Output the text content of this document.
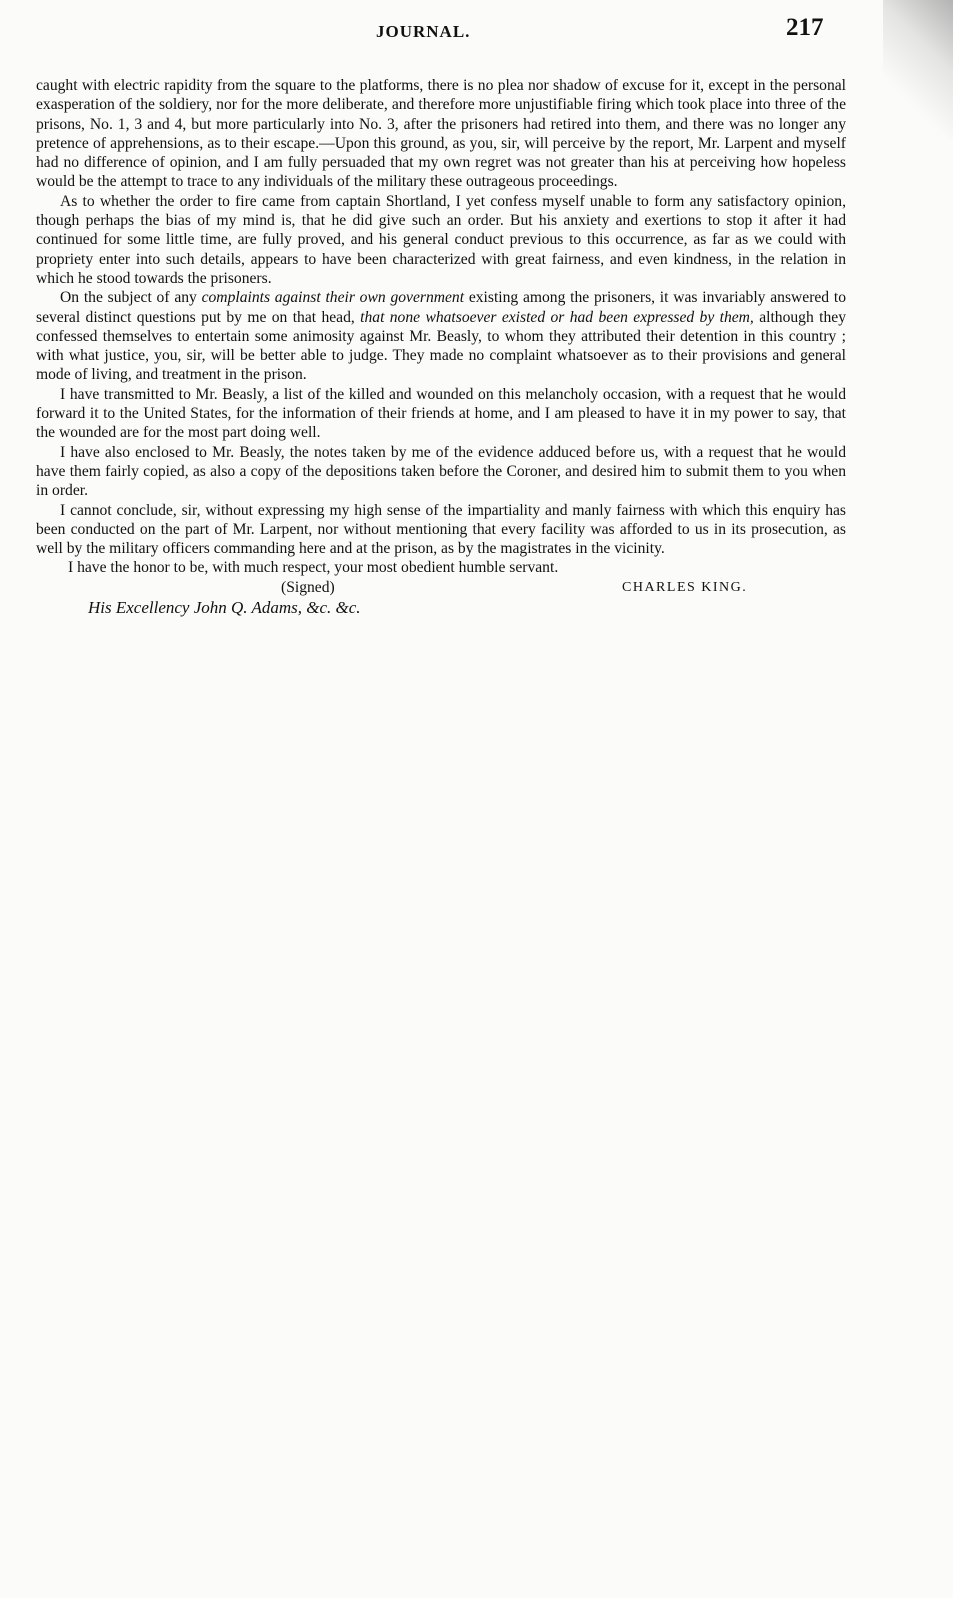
JOURNAL.	217

caught with electric rapidity from the square to the platforms, there is no plea nor shadow of excuse for it, except in the personal exasperation of the soldiery, nor for the more deliberate, and therefore more unjustifiable firing which took place into three of the prisons, No. 1, 3 and 4, but more particularly into No. 3, after the prisoners had retired into them, and there was no longer any pretence of apprehensions, as to their escape.—Upon this ground, as you, sir, will perceive by the report, Mr. Larpent and myself had no difference of opinion, and I am fully persuaded that my own regret was not greater than his at perceiving how hopeless would be the attempt to trace to any individuals of the military these outrageous proceedings.

As to whether the order to fire came from captain Shortland, I yet confess myself unable to form any satisfactory opinion, though perhaps the bias of my mind is, that he did give such an order. But his anxiety and exertions to stop it after it had continued for some little time, are fully proved, and his general conduct previous to this occurrence, as far as we could with propriety enter into such details, appears to have been characterized with great fairness, and even kindness, in the relation in which he stood towards the prisoners.

On the subject of any complaints against their own government existing among the prisoners, it was invariably answered to several distinct questions put by me on that head, that none whatsoever existed or had been expressed by them, although they confessed themselves to entertain some animosity against Mr. Beasly, to whom they attributed their detention in this country ; with what justice, you, sir, will be better able to judge. They made no complaint whatsoever as to their provisions and general mode of living, and treatment in the prison.

I have transmitted to Mr. Beasly, a list of the killed and wounded on this melancholy occasion, with a request that he would forward it to the United States, for the information of their friends at home, and I am pleased to have it in my power to say, that the wounded are for the most part doing well.

I have also enclosed to Mr. Beasly, the notes taken by me of the evidence adduced before us, with a request that he would have them fairly copied, as also a copy of the depositions taken before the Coroner, and desired him to submit them to you when in order.

I cannot conclude, sir, without expressing my high sense of the impartiality and manly fairness with which this enquiry has been conducted on the part of Mr. Larpent, nor without mentioning that every facility was afforded to us in its prosecution, as well by the military officers commanding here and at the prison, as by the magistrates in the vicinity.

I have the honor to be, with much respect, your most obedient humble servant.
(Signed)	CHARLES KING.
His Excellency John Q. Adams, &c. &c.
